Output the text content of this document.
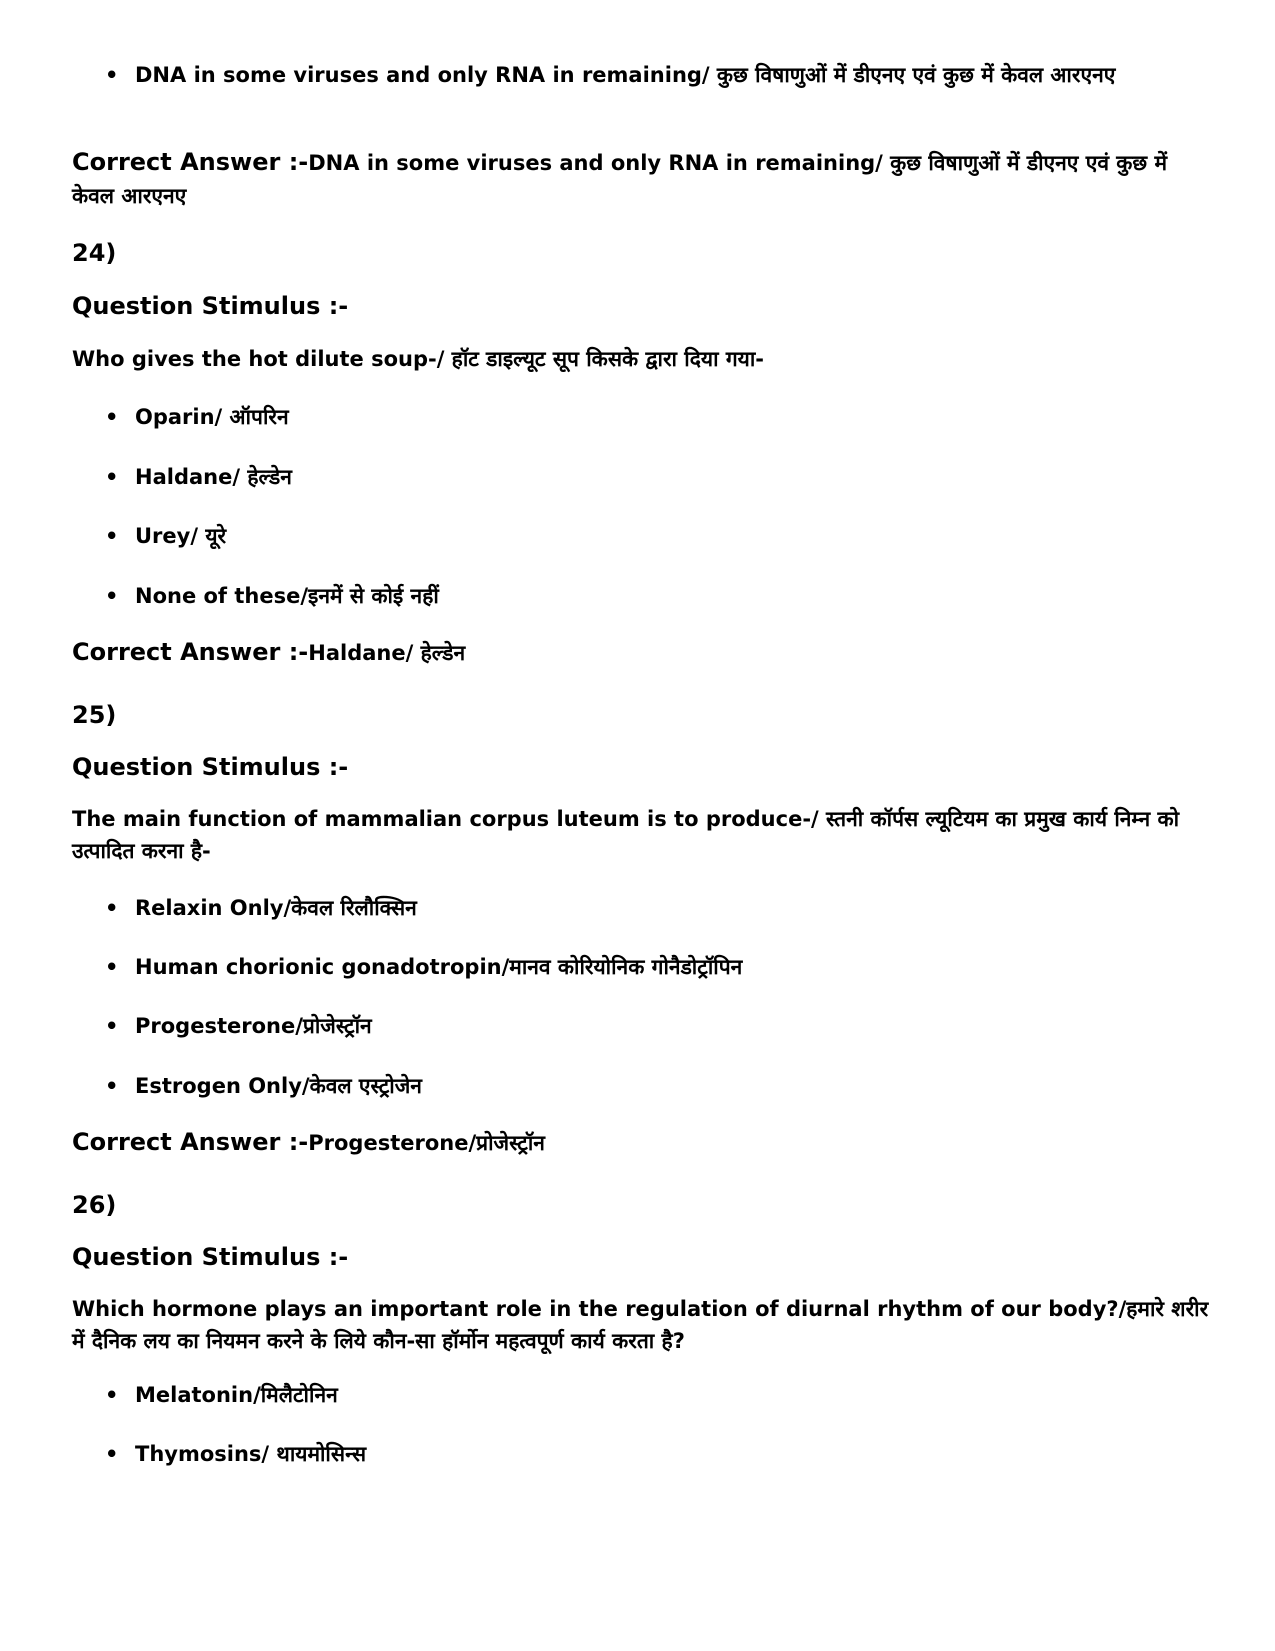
• DNA in some viruses and only RNA in remaining/ कुछ विषाणुओं में डीएनए एवं कुछ में केवल आरएनए
Correct Answer :-DNA in some viruses and only RNA in remaining/ कुछ विषाणुओं में डीएनए एवं कुछ में केवल आरएनए
24)
Question Stimulus :-
Who gives the hot dilute soup-/ हॉट डाइल्यूट सूप किसके द्वारा दिया गया-
• Oparin/ ऑपरिन
• Haldane/ हेल्डेन
• Urey/ यूरे
• None of these/इनमें से कोई नहीं
Correct Answer :-Haldane/ हेल्डेन
25)
Question Stimulus :-
The main function of mammalian corpus luteum is to produce-/ स्तनी कॉर्पस ल्यूटियम का प्रमुख कार्य निम्न को उत्पादित करना है-
• Relaxin Only/केवल रिलौक्सिन
• Human chorionic gonadotropin/मानव कोरियोनिक गोनैडोट्रॉपिन
• Progesterone/प्रोजेस्ट्रॉन
• Estrogen Only/केवल एस्ट्रोजेन
Correct Answer :-Progesterone/प्रोजेस्ट्रॉन
26)
Question Stimulus :-
Which hormone plays an important role in the regulation of diurnal rhythm of our body?/हमारे शरीर में दैनिक लय का नियमन करने के लिये कौन-सा हॉर्मोन महत्वपूर्ण कार्य करता है?
• Melatonin/मिलैटोनिन
• Thymosins/ थायमोसिन्स
